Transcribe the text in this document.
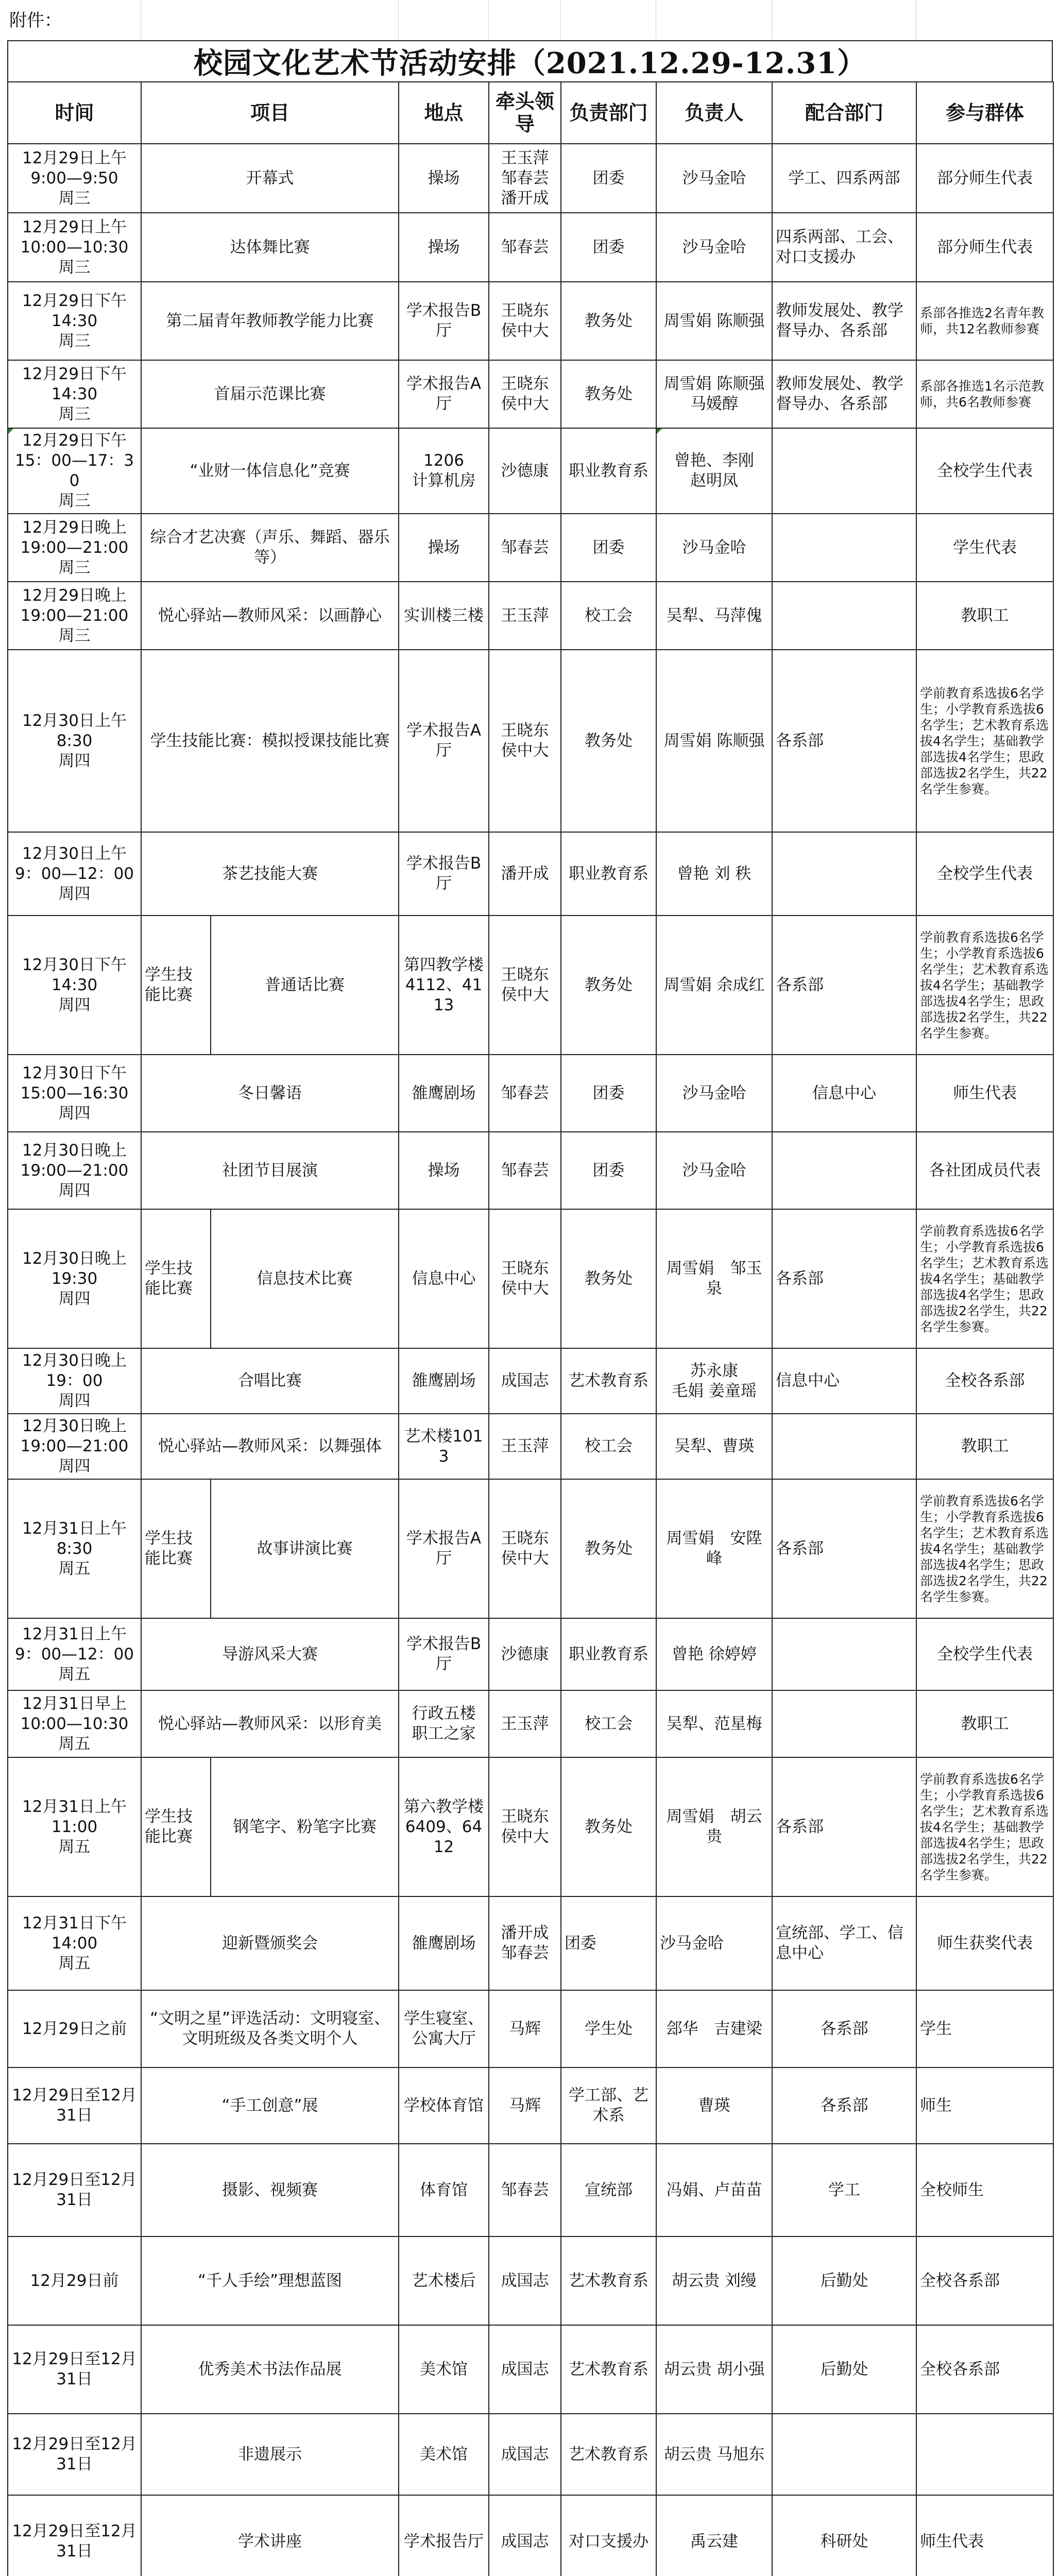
附件：
校园文化艺术节活动安排（2021.12.29-12.31）
时间	项目		地点	牵头领导	负责部门	负责人	配合部门	参与群体
12月29日上午
9:00—9:50
周三	开幕式		操场	王玉萍
邹春芸
潘开成	团委	沙马金哈	学工、四系两部	部分师生代表
12月29日上午
10:00—10:30
周三	达体舞比赛		操场	邹春芸	团委	沙马金哈	四系两部、工会、对口支援办	部分师生代表
12月29日下午
14:30
周三	第二届青年教师教学能力比赛		学术报告B厅	王晓东
侯中大	教务处	周雪娟 陈顺强	教师发展处、教学督导办、各系部	系部各推选2名青年教师，共12名教师参赛
12月29日下午
14:30
周三	首届示范课比赛		学术报告A厅	王晓东
侯中大	教务处	周雪娟 陈顺强
马媛醇	教师发展处、教学督导办、各系部	系部各推选1名示范教师，共6名教师参赛
12月29日下午
15：00—17：30
周三	“业财一体信息化”竞赛		1206
计算机房	沙德康	职业教育系	曾艳、李刚
赵明凤		全校学生代表
12月29日晚上
19:00—21:00
周三	综合才艺决赛（声乐、舞蹈、器乐等）		操场	邹春芸	团委	沙马金哈		学生代表
12月29日晚上
19:00—21:00
周三	悦心驿站—教师风采：以画静心		实训楼三楼	王玉萍	校工会	吴犁、马萍傀		教职工
12月30日上午
8:30
周四	学生技能比赛：模拟授课技能比赛		学术报告A厅	王晓东
侯中大	教务处	周雪娟 陈顺强	各系部	学前教育系选拔6名学生；小学教育系选拔6名学生；艺术教育系选拔4名学生；基础教学部选拔4名学生；思政部选拔2名学生，共22名学生参赛。
12月30日上午
9：00—12：00
周四	茶艺技能大赛		学术报告B厅	潘开成	职业教育系	曾艳 刘 秩		全校学生代表
12月30日下午
14:30
周四	学生技能比赛	普通话比赛	第四教学楼
4112、4113	王晓东
侯中大	教务处	周雪娟 余成红	各系部	学前教育系选拔6名学生；小学教育系选拔6名学生；艺术教育系选拔4名学生；基础教学部选拔4名学生；思政部选拔2名学生，共22名学生参赛。
12月30日下午
15:00—16:30
周四	冬日馨语		雒鹰剧场	邹春芸	团委	沙马金哈	信息中心	师生代表
12月30日晚上
19:00—21:00
周四	社团节目展演		操场	邹春芸	团委	沙马金哈		各社团成员代表
12月30日晚上
19:30
周四	学生技能比赛	信息技术比赛	信息中心	王晓东
侯中大	教务处	周雪娟　邹玉泉	各系部	学前教育系选拔6名学生；小学教育系选拔6名学生；艺术教育系选拔4名学生；基础教学部选拔4名学生；思政部选拔2名学生，共22名学生参赛。
12月30日晚上
19：00
周四	合唱比赛		雒鹰剧场	成国志	艺术教育系	苏永康
毛娟 姜童瑶	信息中心	全校各系部
12月30日晚上
19:00—21:00
周四	悦心驿站—教师风采：以舞强体		艺术楼1013	王玉萍	校工会	吴犁、曹瑛		教职工
12月31日上午
8:30
周五	学生技能比赛	故事讲演比赛	学术报告A厅	王晓东
侯中大	教务处	周雪娟　安陞峰	各系部	学前教育系选拔6名学生；小学教育系选拔6名学生；艺术教育系选拔4名学生；基础教学部选拔4名学生；思政部选拔2名学生，共22名学生参赛。
12月31日上午
9：00—12：00
周五	导游风采大赛		学术报告B厅	沙德康	职业教育系	曾艳 徐婷婷		全校学生代表
12月31日早上
10:00—10:30
周五	悦心驿站—教师风采：以形育美		行政五楼
职工之家	王玉萍	校工会	吴犁、范星梅		教职工
12月31日上午
11:00
周五	学生技能比赛	钢笔字、粉笔字比赛	第六教学楼
6409、6412	王晓东
侯中大	教务处	周雪娟　胡云贵	各系部	学前教育系选拔6名学生；小学教育系选拔6名学生；艺术教育系选拔4名学生；基础教学部选拔4名学生；思政部选拔2名学生，共22名学生参赛。
12月31日下午
14:00
周五	迎新暨颁奖会		雒鹰剧场	潘开成
邹春芸	团委	沙马金哈	宣统部、学工、信息中心	师生获奖代表
12月29日之前	“文明之星”评选活动：文明寝室、文明班级及各类文明个人		学生寝室、
公寓大厅	马辉	学生处	郐华　吉建梁	各系部	学生
12月29日至12月
31日	“手工创意”展		学校体育馆	马辉	学工部、艺术系	曹瑛	各系部	师生
12月29日至12月
31日	摄影、视频赛		体育馆	邹春芸	宣统部	冯娟、卢苗苗	学工	全校师生
12月29日前	“千人手绘”理想蓝图		艺术楼后	成国志	艺术教育系	胡云贵 刘缦	后勤处	全校各系部
12月29日至12月
31日	优秀美术书法作品展		美术馆	成国志	艺术教育系	胡云贵 胡小强	后勤处	全校各系部
12月29日至12月
31日	非遗展示		美术馆	成国志	艺术教育系	胡云贵 马旭东		
12月29日至12月
31日	学术讲座		学术报告厅	成国志	对口支援办	禹云建	科研处	师生代表
